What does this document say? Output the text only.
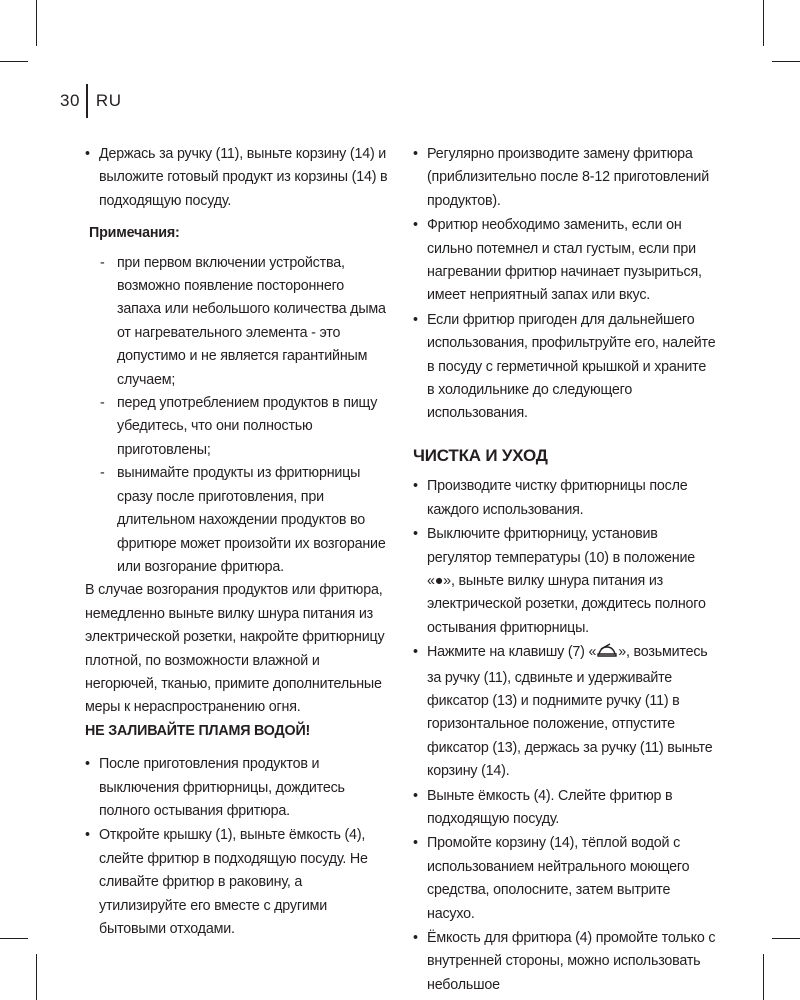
30 RU
• Держась за ручку (11), выньте корзину (14) и выложите готовый продукт из корзины (14) в подходящую посуду.

Примечания:

- при первом включении устройства, возможно появление постороннего запаха или небольшого количества дыма от нагревательного элемента - это допустимо и не является гарантийным случаем;
- перед употреблением продуктов в пищу убедитесь, что они полностью приготовлены;
- вынимайте продукты из фритюрницы сразу после приготовления, при длительном нахождении продуктов во фритюре может произойти их возгорание или возгорание фритюра.

В случае возгорания продуктов или фритюра, немедленно выньте вилку шнура питания из электрической розетки, накройте фритюрницу плотной, по возможности влажной и негорючей, тканью, примите дополнительные меры к нераспространению огня.

НЕ ЗАЛИВАЙТЕ ПЛАМЯ ВОДОЙ!

• После приготовления продуктов и выключения фритюрницы, дождитесь полного остывания фритюра.
• Откройте крышку (1), выньте ёмкость (4), слейте фритюр в подходящую посуду. Не сливайте фритюр в раковину, а утилизируйте его вместе с другими бытовыми отходами.
• Регулярно производите замену фритюра (приблизительно после 8-12 приготовлений продуктов).
• Фритюр необходимо заменить, если он сильно потемнел и стал густым, если при нагревании фритюр начинает пузыриться, имеет неприятный запах или вкус.
• Если фритюр пригоден для дальнейшего использования, профильтруйте его, налейте в посуду с герметичной крышкой и храните в холодильнике до следующего использования.

ЧИСТКА И УХОД

• Производите чистку фритюрницы после каждого использования.
• Выключите фритюрницу, установив регулятор температуры (10) в положение «●», выньте вилку шнура питания из электрической розетки, дождитесь полного остывания фритюрницы.
• Нажмите на клавишу (7) « », возьмитесь за ручку (11), сдвиньте и удерживайте фиксатор (13) и поднимите ручку (11) в горизонтальное положение, отпустите фиксатор (13), держась за ручку (11) выньте корзину (14).
• Выньте ёмкость (4). Слейте фритюр в подходящую посуду.
• Промойте корзину (14), тёплой водой с использованием нейтрального моющего средства, ополосните, затем вытрите насухо.
• Ёмкость для фритюра (4) промойте только с внутренней стороны, можно использовать небольшое
